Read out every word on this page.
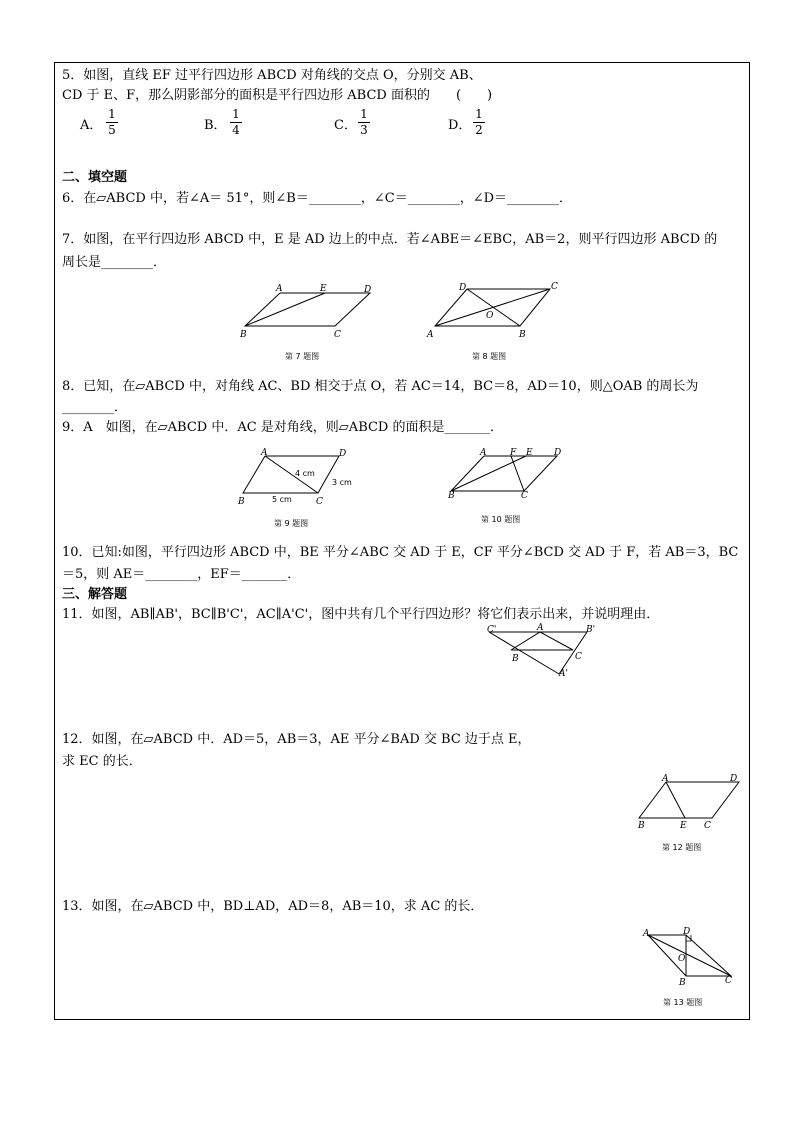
5．如图，直线 EF 过平行四边形 ABCD 对角线的交点 O，分别交 AB、
CD 于 E、F，那么阴影部分的面积是平行四边形 ABCD 面积的　　(　　)
A． $\frac{1}{5}$	B． $\frac{1}{4}$	C． $\frac{1}{3}$	D． $\frac{1}{2}$
二、填空题
6．在▱ABCD 中，若∠A＝ 51°，则∠B＝________，∠C＝________，∠D＝________．
7．如图，在平行四边形 ABCD 中，E 是 AD 边上的中点．若∠ABE＝∠EBC，AB＝2，则平行四边形 ABCD 的
周长是________．
A	E	D
B	C
第 7 题图
D	C
O
A	B
第 8 题图
8．已知，在▱ABCD 中，对角线 AC、BD 相交于点 O，若 AC＝14，BC＝8，AD＝10，则△OAB 的周长为
________．
9．A　如图，在▱ABCD 中．AC 是对角线，则▱ABCD 的面积是_______．
A	D
B	C
4 cm
3 cm
5 cm
第 9 题图
A	F E D
B	C
第 10 题图
10．已知:如图，平行四边形 ABCD 中，BE 平分∠ABC 交 AD 于 E，CF 平分∠BCD 交 AD 于 F，若 AB＝3，BC
＝5，则 AE＝________，EF＝_______．
三、解答题
11．如图，AB∥AB'，BC∥B'C'，AC∥A'C'，图中共有几个平行四边形？将它们表示出来，并说明理由．
C'	A	B'
B	C
A'
12．如图，在▱ABCD 中．AD＝5，AB＝3，AE 平分∠BAD 交 BC 边于点 E，
求 EC 的长．
A	D
B	E C
第 12 题图
13．如图，在▱ABCD 中，BD⊥AD，AD＝8，AB＝10，求 AC 的长．
A	D
O
B	C
第 13 题图
